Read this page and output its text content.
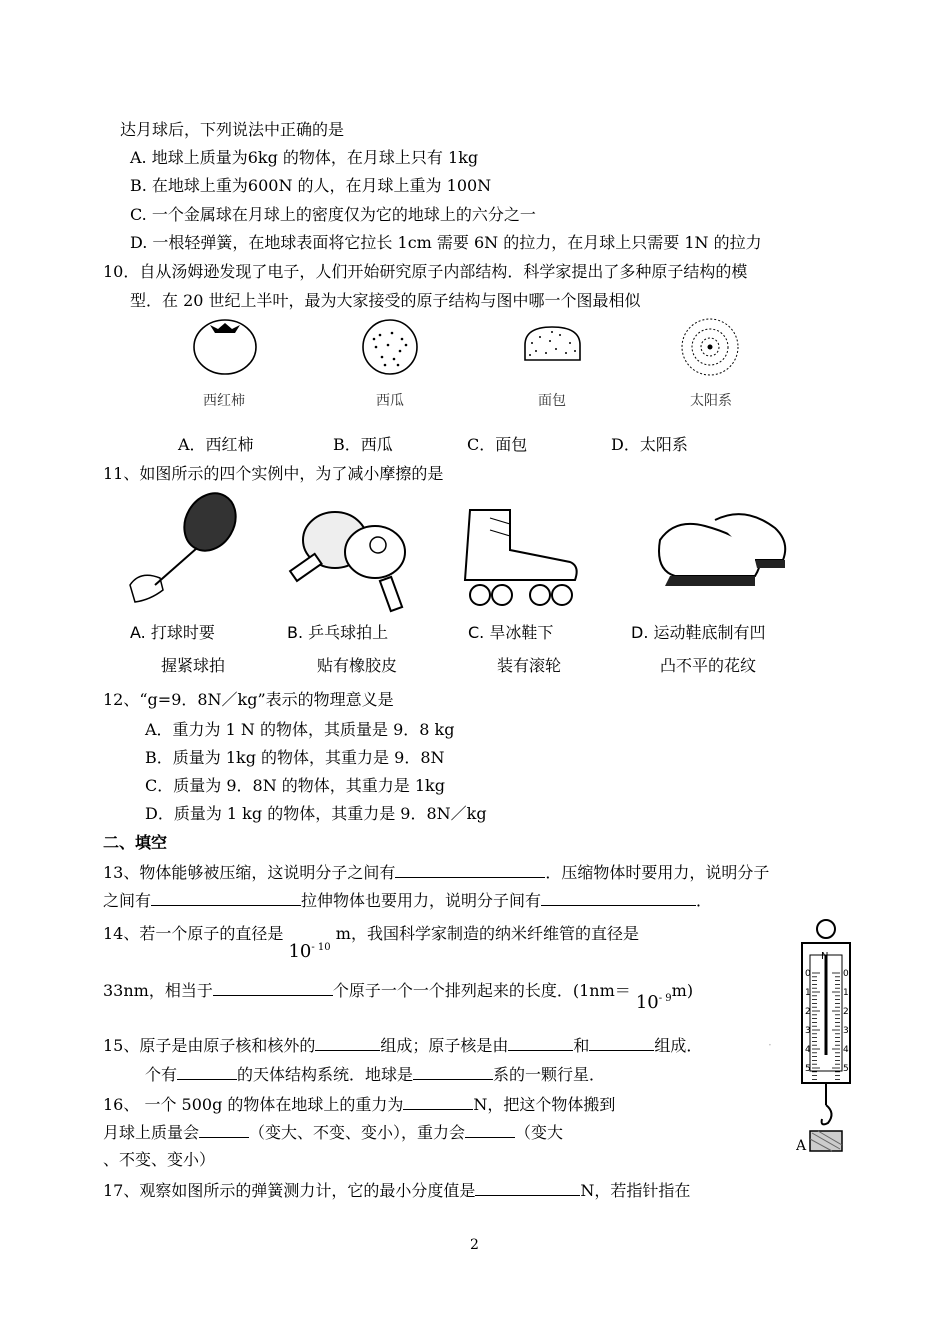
达月球后，下列说法中正确的是
A. 地球上质量为6kg 的物体，在月球上只有 1kg
B. 在地球上重为600N 的人，在月球上重为 100N
C. 一个金属球在月球上的密度仅为它的地球上的六分之一
D. 一根轻弹簧，在地球表面将它拉长 1cm 需要 6N 的拉力，在月球上只需要 1N 的拉力
10．自从汤姆逊发现了电子，人们开始研究原子内部结构．科学家提出了多种原子结构的模
型．在 20 世纪上半叶，最为大家接受的原子结构与图中哪一个图最相似
西红柿	西瓜	面包	太阳系
A．西红柿	B．西瓜	C．面包	D．太阳系
11、如图所示的四个实例中，为了减小摩擦的是
A. 打球时要
握紧球拍
B. 乒乓球拍上
贴有橡胶皮
C. 旱冰鞋下
装有滚轮
D. 运动鞋底制有凹
凸不平的花纹
12、“g=9．8N／kg”表示的物理意义是
A．重力为 1 N 的物体，其质量是 9．8 kg
B．质量为 1kg 的物体，其重力是 9．8N
C．质量为 9．8N 的物体，其重力是 1kg
D．质量为 1 kg 的物体，其重力是 9．8N／kg
二、填空
13、物体能够被压缩，这说明分子之间有	．压缩物体时要用力，说明分子
之间有	拉伸物体也要用力，说明分子间有	．
14、若一个原子的直径是 $10^{- 10}$ m，我国科学家制造的纳米纤维管的直径是
33nm，相当于	个原子一个一个排列起来的长度．$(1nm= 10^{- 9}m)$
15、原子是由原子核和核外的	组成；原子核是由	和	组成．
个有	的天体结构系统．地球是	系的一颗行星．
16、 一个 500g 的物体在地球上的重力为	N，把这个物体搬到
月球上质量会	（变大、不变、变小），重力会	（变大
、不变、变小）
17、观察如图所示的弹簧测力计，它的最小分度值是	N，若指针指在
N
0	0
1	1
2	2
3	3
4	4
5	5
A
·
2
